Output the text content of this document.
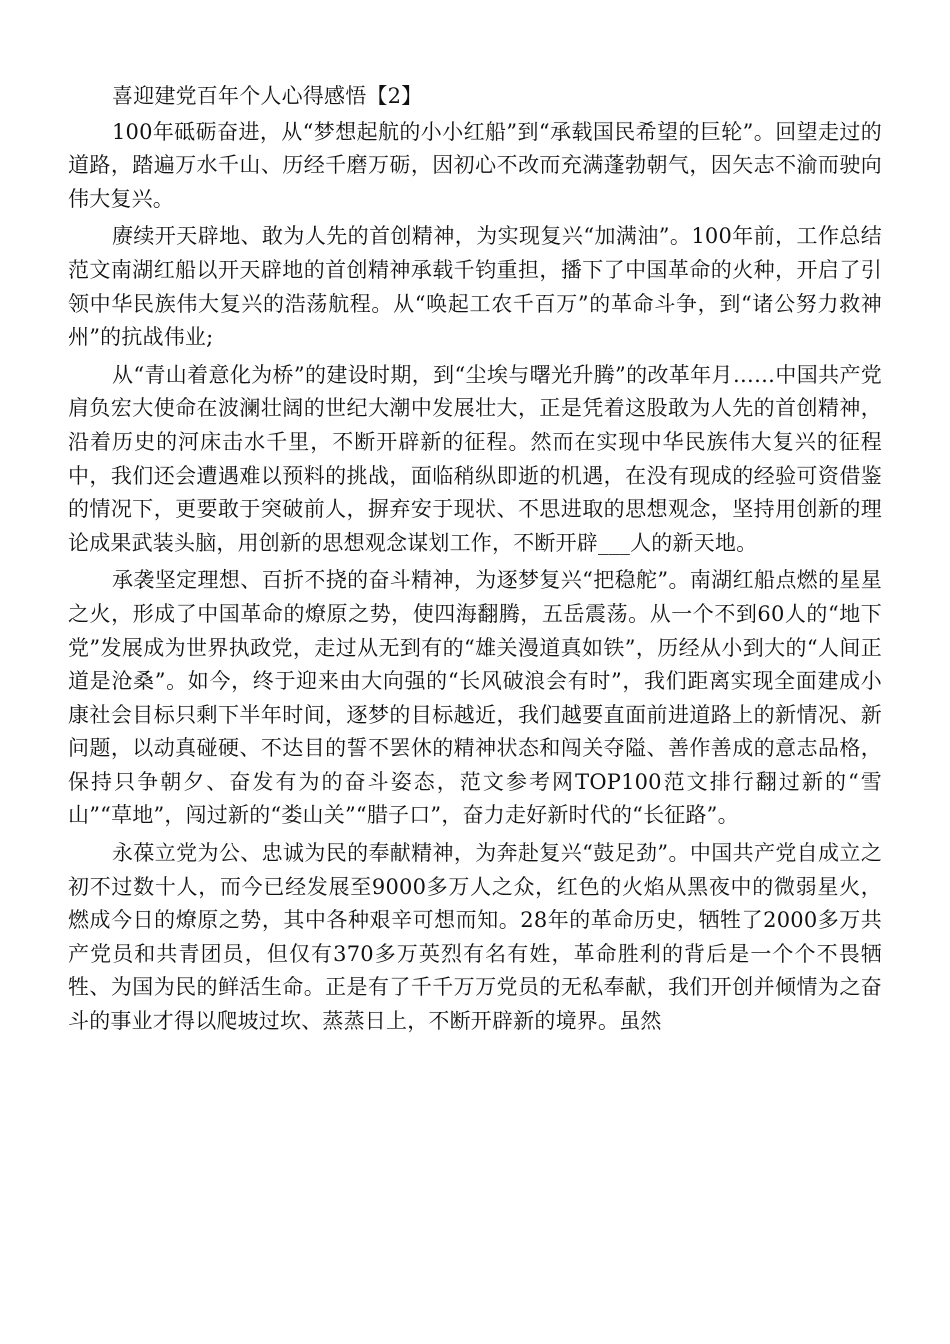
喜迎建党百年个人心得感悟【2】

100年砥砺奋进，从“梦想起航的小小红船”到“承载国民希望的巨轮”。回望走过的道路，踏遍万水千山、历经千磨万砺，因初心不改而充满蓬勃朝气，因矢志不渝而驶向伟大复兴。

赓续开天辟地、敢为人先的首创精神，为实现复兴“加满油”。100年前，工作总结范文南湖红船以开天辟地的首创精神承载千钧重担，播下了中国革命的火种，开启了引领中华民族伟大复兴的浩荡航程。从“唤起工农千百万”的革命斗争，到“诸公努力救神州”的抗战伟业;

从“青山着意化为桥”的建设时期，到“尘埃与曙光升腾”的改革年月……中国共产党肩负宏大使命在波澜壮阔的世纪大潮中发展壮大，正是凭着这股敢为人先的首创精神，沿着历史的河床击水千里，不断开辟新的征程。然而在实现中华民族伟大复兴的征程中，我们还会遭遇难以预料的挑战，面临稍纵即逝的机遇，在没有现成的经验可资借鉴的情况下，更要敢于突破前人，摒弃安于现状、不思进取的思想观念，坚持用创新的理论成果武装头脑，用创新的思想观念谋划工作，不断开辟___人的新天地。

承袭坚定理想、百折不挠的奋斗精神，为逐梦复兴“把稳舵”。南湖红船点燃的星星之火，形成了中国革命的燎原之势，使四海翻腾，五岳震荡。从一个不到60人的“地下党”发展成为世界执政党，走过从无到有的“雄关漫道真如铁”，历经从小到大的“人间正道是沧桑”。如今，终于迎来由大向强的“长风破浪会有时”，我们距离实现全面建成小康社会目标只剩下半年时间，逐梦的目标越近，我们越要直面前进道路上的新情况、新问题，以动真碰硬、不达目的誓不罢休的精神状态和闯关夺隘、善作善成的意志品格，保持只争朝夕、奋发有为的奋斗姿态，范文参考网TOP100范文排行翻过新的“雪山”“草地”，闯过新的“娄山关”“腊子口”，奋力走好新时代的“长征路”。

永葆立党为公、忠诚为民的奉献精神，为奔赴复兴“鼓足劲”。中国共产党自成立之初不过数十人，而今已经发展至9000多万人之众，红色的火焰从黑夜中的微弱星火，燃成今日的燎原之势，其中各种艰辛可想而知。28年的革命历史，牺牲了2000多万共产党员和共青团员，但仅有370多万英烈有名有姓，革命胜利的背后是一个个不畏牺牲、为国为民的鲜活生命。正是有了千千万万党员的无私奉献，我们开创并倾情为之奋斗的事业才得以爬坡过坎、蒸蒸日上，不断开辟新的境界。虽然
